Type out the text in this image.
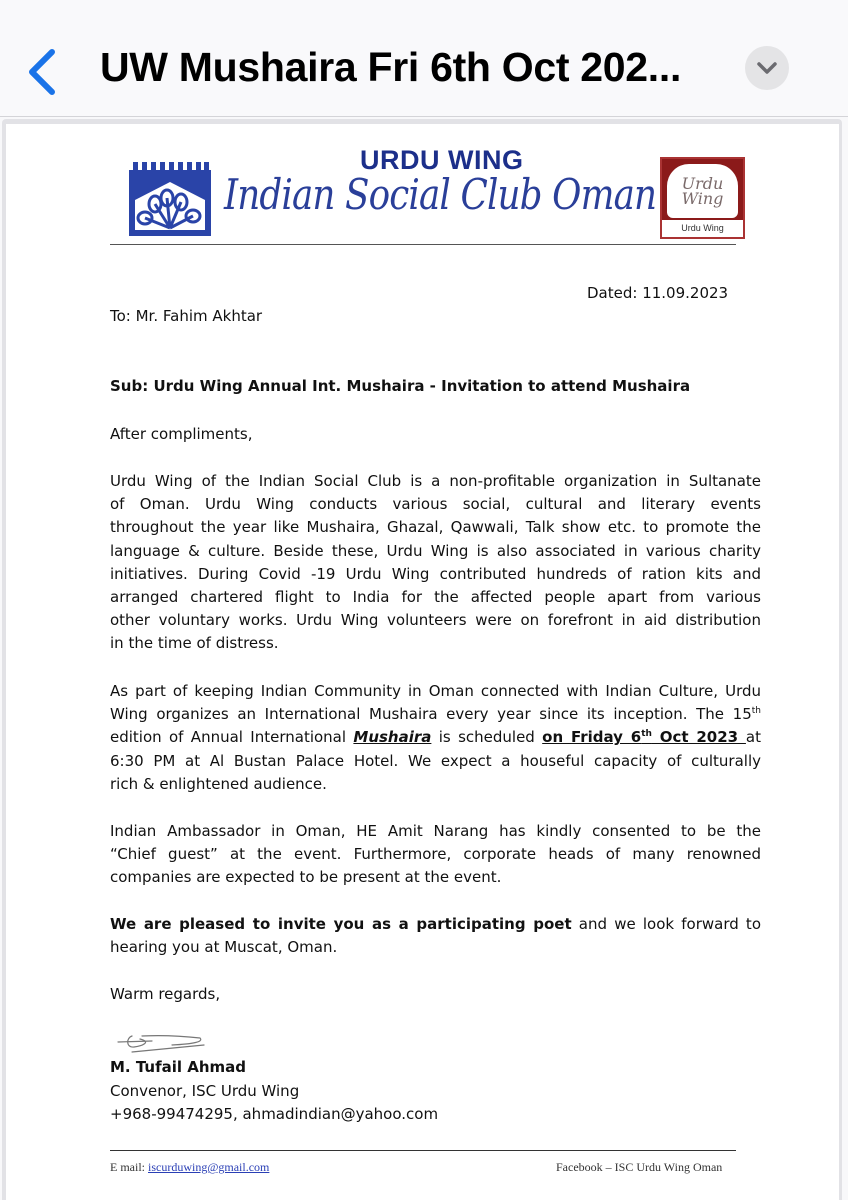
UW Mushaira Fri 6th Oct 202...
URDU WING
Indian Social Club Oman	Urdu Wing
Urdu Wing
Dated: 11.09.2023
To: Mr. Fahim Akhtar
Sub: Urdu Wing Annual Int. Mushaira - Invitation to attend Mushaira
After compliments,
Urdu Wing of the Indian Social Club is a non-profitable organization in Sultanate
of Oman. Urdu Wing conducts various social, cultural and literary events
throughout the year like Mushaira, Ghazal, Qawwali, Talk show etc. to promote the
language & culture. Beside these, Urdu Wing is also associated in various charity
initiatives. During Covid -19 Urdu Wing contributed hundreds of ration kits and
arranged chartered flight to India for the affected people apart from various
other voluntary works. Urdu Wing volunteers were on forefront in aid distribution
in the time of distress.
As part of keeping Indian Community in Oman connected with Indian Culture, Urdu
Wing organizes an International Mushaira every year since its inception. The 15th
edition of Annual International Mushaira is scheduled on Friday 6th Oct 2023 at
6:30 PM at Al Bustan Palace Hotel. We expect a houseful capacity of culturally
rich & enlightened audience.
Indian Ambassador in Oman, HE Amit Narang has kindly consented to be the
“Chief guest” at the event. Furthermore, corporate heads of many renowned
companies are expected to be present at the event.
We are pleased to invite you as a participating poet and we look forward to
hearing you at Muscat, Oman.
Warm regards,
M. Tufail Ahmad
Convenor, ISC Urdu Wing
+968-99474295, ahmadindian@yahoo.com
E mail: iscurduwing@gmail.com	Facebook – ISC Urdu Wing Oman
